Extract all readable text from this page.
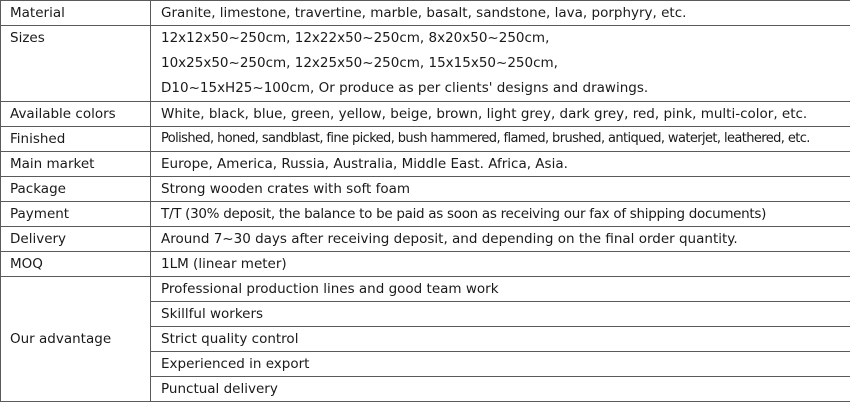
Material	Granite, limestone, travertine, marble, basalt, sandstone, lava, porphyry, etc.
Sizes	12x12x50~250cm, 12x22x50~250cm, 8x20x50~250cm,
10x25x50~250cm, 12x25x50~250cm, 15x15x50~250cm,
D10~15xH25~100cm, Or produce as per clients' designs and drawings.

Available colors	White, black, blue, green, yellow, beige, brown, light grey, dark grey, red, pink, multi-color, etc.
Finished	Polished, honed, sandblast, fine picked, bush hammered, flamed, brushed, antiqued, waterjet, leathered, etc.
Main market	Europe, America, Russia, Australia, Middle East. Africa, Asia.
Package	Strong wooden crates with soft foam
Payment	T/T (30% deposit, the balance to be paid as soon as receiving our fax of shipping documents)
Delivery	Around 7~30 days after receiving deposit, and depending on the final order quantity.
MOQ	1LM (linear meter)
Our advantage	Professional production lines and good team work
	Skillful workers
	Strict quality control
	Experienced in export
	Punctual delivery
